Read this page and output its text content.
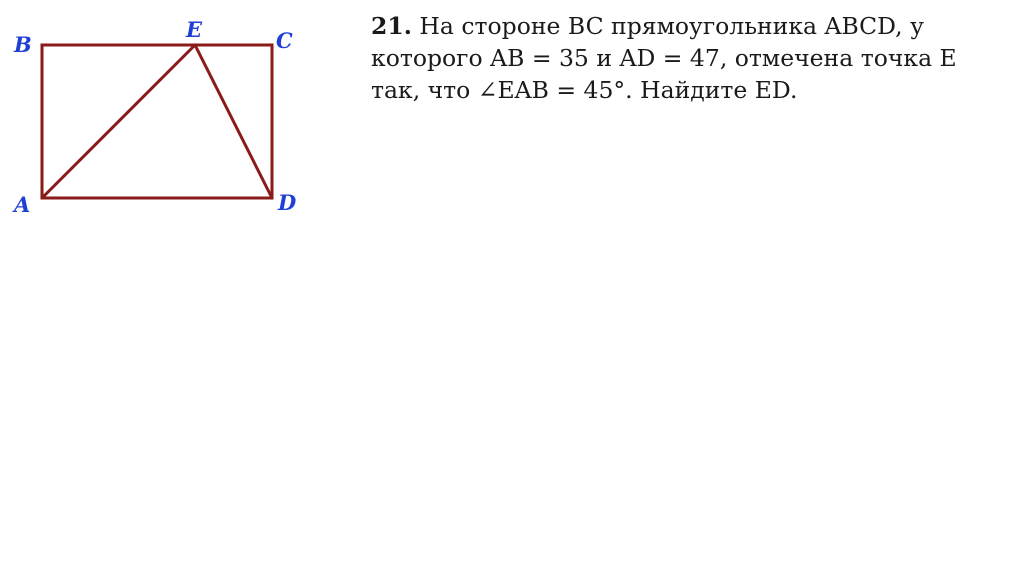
B
E	C
A	D
21. На стороне BC прямоугольника ABCD, у
которого AB = 35 и AD = 47, отмечена точка E
так, что ∠EAB = 45°. Найдите ED.
